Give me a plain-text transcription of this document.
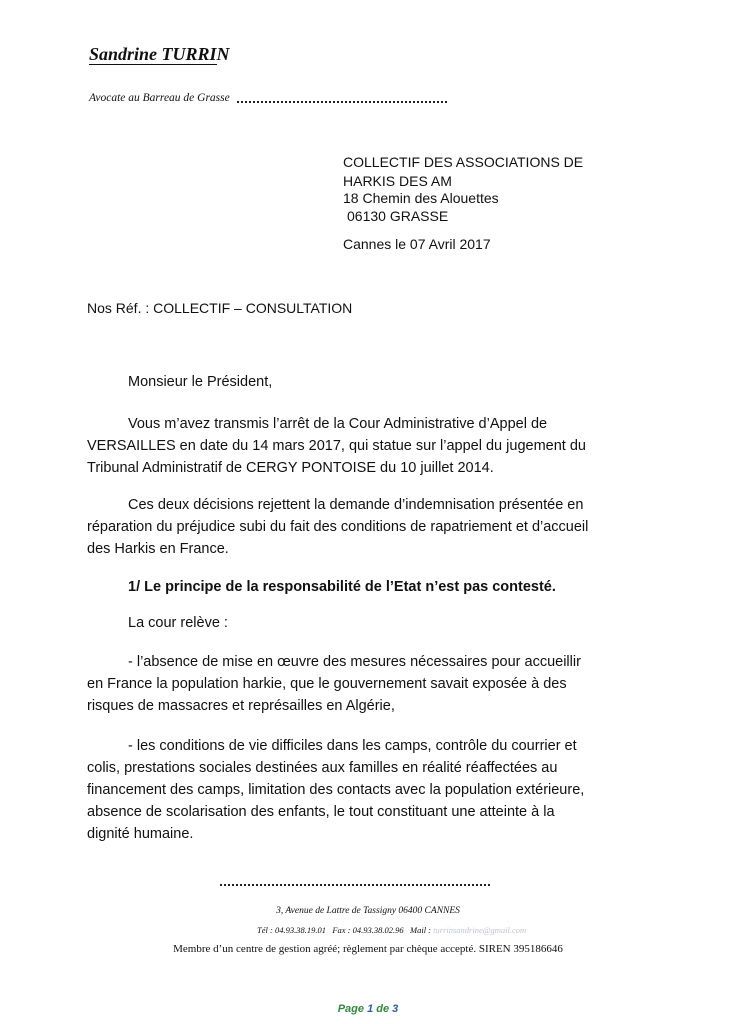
Sandrine TURRIN
Avocate au Barreau de Grasse
COLLECTIF DES ASSOCIATIONS DE
HARKIS DES AM
18 Chemin des Alouettes
06130 GRASSE
Cannes le 07 Avril 2017
Nos Réf. : COLLECTIF – CONSULTATION
Monsieur le Président,
Vous m’avez transmis l’arrêt de la Cour Administrative d’Appel de
VERSAILLES en date du 14 mars 2017, qui statue sur l’appel du jugement du
Tribunal Administratif de CERGY PONTOISE du 10 juillet 2014.
Ces deux décisions rejettent la demande d’indemnisation présentée en
réparation du préjudice subi du fait des conditions de rapatriement et d’accueil
des Harkis en France.
1/ Le principe de la responsabilité de l’Etat n’est pas contesté.
La cour relève :
- l’absence de mise en œuvre des mesures nécessaires pour accueillir
en France la population harkie, que le gouvernement savait exposée à des
risques de massacres et représailles en Algérie,
- les conditions de vie difficiles dans les camps, contrôle du courrier et
colis, prestations sociales destinées aux familles en réalité réaffectées au
financement des camps, limitation des contacts avec la population extérieure,
absence de scolarisation des enfants, le tout constituant une atteinte à la
dignité humaine.
3, Avenue de Lattre de Tassigny 06400 CANNES
Tél : 04.93.38.19.01 Fax : 04.93.38.02.96 Mail : turrinsandrine@gmail.com
Membre d’un centre de gestion agréé; règlement par chèque accepté. SIREN 395186646
Page 1 de 3
